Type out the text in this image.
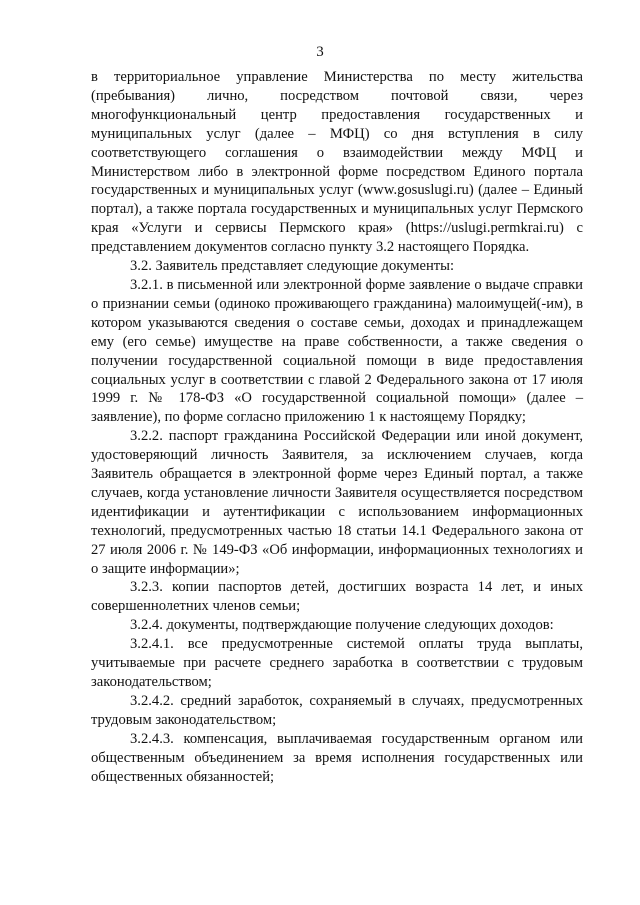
3

в территориальное управление Министерства по месту жительства (пребывания) лично, посредством почтовой связи, через многофункциональный центр предоставления государственных и муниципальных услуг (далее – МФЦ) со дня вступления в силу соответствующего соглашения о взаимодействии между МФЦ и Министерством либо в электронной форме посредством Единого портала государственных и муниципальных услуг (www.gosuslugi.ru) (далее – Единый портал), а также портала государственных и муниципальных услуг Пермского края «Услуги и сервисы Пермского края» (https://uslugi.permkrai.ru) с представлением документов согласно пункту 3.2 настоящего Порядка.

3.2. Заявитель представляет следующие документы:

3.2.1. в письменной или электронной форме заявление о выдаче справки о признании семьи (одиноко проживающего гражданина) малоимущей(-им), в котором указываются сведения о составе семьи, доходах и принадлежащем ему (его семье) имуществе на праве собственности, а также сведения о получении государственной социальной помощи в виде предоставления социальных услуг в соответствии с главой 2 Федерального закона от 17 июля 1999 г. № 178-ФЗ «О государственной социальной помощи» (далее – заявление), по форме согласно приложению 1 к настоящему Порядку;

3.2.2. паспорт гражданина Российской Федерации или иной документ, удостоверяющий личность Заявителя, за исключением случаев, когда Заявитель обращается в электронной форме через Единый портал, а также случаев, когда установление личности Заявителя осуществляется посредством идентификации и аутентификации с использованием информационных технологий, предусмотренных частью 18 статьи 14.1 Федерального закона от 27 июля 2006 г. № 149-ФЗ «Об информации, информационных технологиях и о защите информации»;

3.2.3. копии паспортов детей, достигших возраста 14 лет, и иных совершеннолетних членов семьи;

3.2.4. документы, подтверждающие получение следующих доходов:

3.2.4.1. все предусмотренные системой оплаты труда выплаты, учитываемые при расчете среднего заработка в соответствии с трудовым законодательством;

3.2.4.2. средний заработок, сохраняемый в случаях, предусмотренных трудовым законодательством;

3.2.4.3. компенсация, выплачиваемая государственным органом или общественным объединением за время исполнения государственных или общественных обязанностей;
